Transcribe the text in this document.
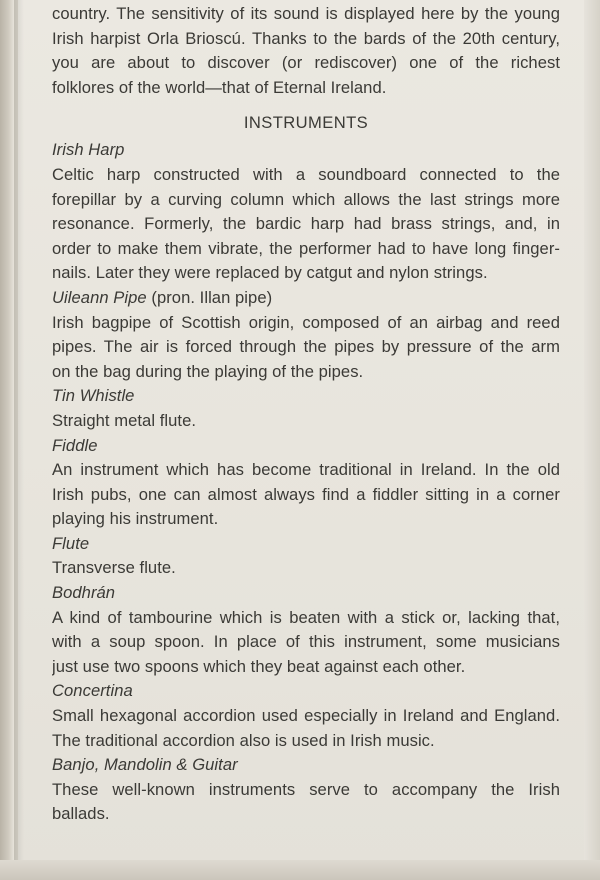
country. The sensitivity of its sound is displayed here by the young
Irish harpist Orla Brioscú. Thanks to the bards of the 20th century,
you are about to discover (or rediscover) one of the richest
folklores of the world—that of Eternal Ireland.
INSTRUMENTS
Irish Harp
Celtic harp constructed with a soundboard connected to the
forepillar by a curving column which allows the last strings more
resonance. Formerly, the bardic harp had brass strings, and, in
order to make them vibrate, the performer had to have long finger-
nails. Later they were replaced by catgut and nylon strings.
Uileann Pipe (pron. Illan pipe)
Irish bagpipe of Scottish origin, composed of an airbag and reed
pipes. The air is forced through the pipes by pressure of the arm
on the bag during the playing of the pipes.
Tin Whistle
Straight metal flute.
Fiddle
An instrument which has become traditional in Ireland. In the old
Irish pubs, one can almost always find a fiddler sitting in a corner
playing his instrument.
Flute
Transverse flute.
Bodhrán
A kind of tambourine which is beaten with a stick or, lacking that,
with a soup spoon. In place of this instrument, some musicians
just use two spoons which they beat against each other.
Concertina
Small hexagonal accordion used especially in Ireland and England.
The traditional accordion also is used in Irish music.
Banjo, Mandolin & Guitar
These well-known instruments serve to accompany the Irish
ballads.
